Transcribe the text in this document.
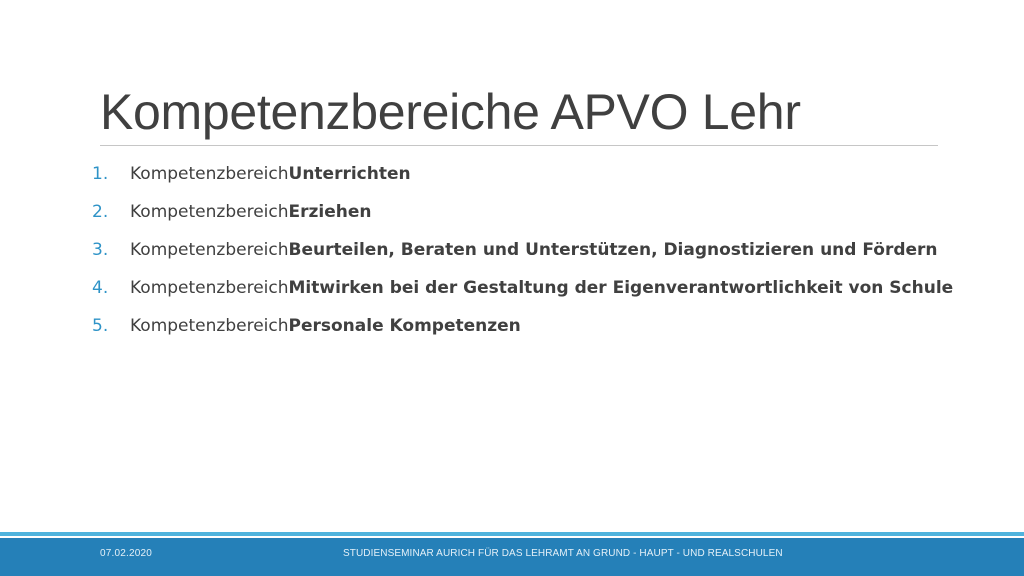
Kompetenzbereiche APVO Lehr
1.	Kompetenzbereich Unterrichten
2.	Kompetenzbereich Erziehen
3.	Kompetenzbereich Beurteilen, Beraten und Unterstützen, Diagnostizieren und Fördern
4.	Kompetenzbereich Mitwirken bei der Gestaltung der Eigenverantwortlichkeit von Schule
5.	Kompetenzbereich Personale Kompetenzen
07.02.2020	STUDIENSEMINAR AURICH FÜR DAS LEHRAMT AN GRUND - HAUPT - UND REALSCHULEN
